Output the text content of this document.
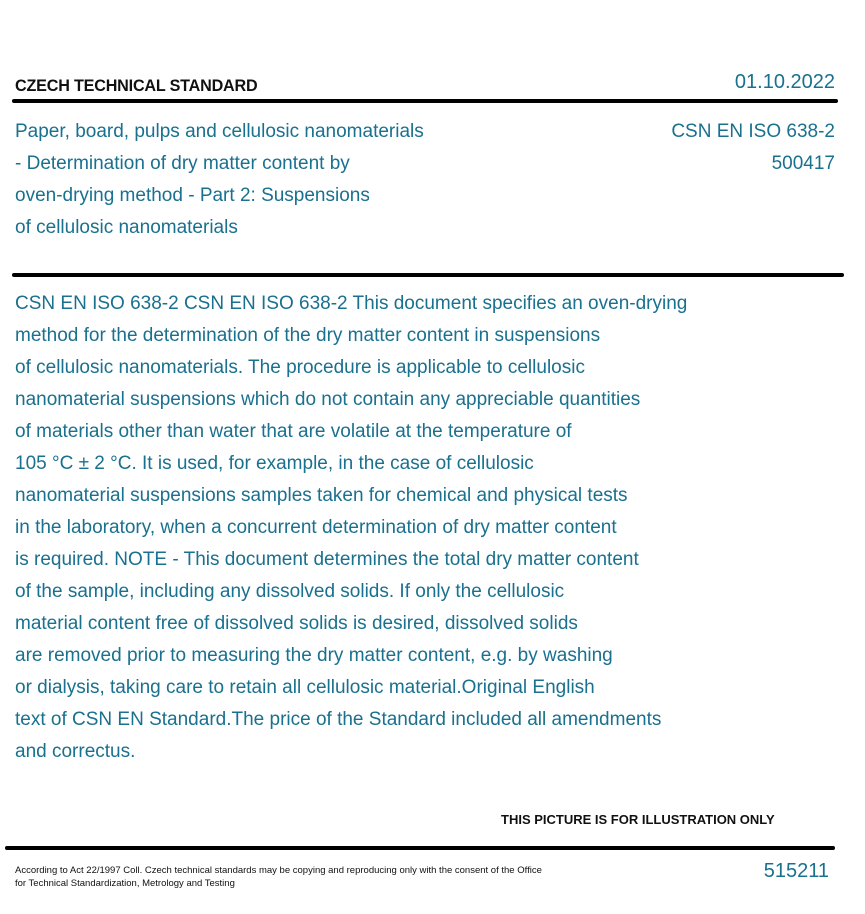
CZECH TECHNICAL STANDARD	01.10.2022
Paper, board, pulps and cellulosic nanomaterials
- Determination of dry matter content by
oven-drying method - Part 2: Suspensions
of cellulosic nanomaterials
CSN EN ISO 638-2
500417
CSN EN ISO 638-2 CSN EN ISO 638-2 This document specifies an oven-drying
method for the determination of the dry matter content in suspensions
of cellulosic nanomaterials. The procedure is applicable to cellulosic
nanomaterial suspensions which do not contain any appreciable quantities
of materials other than water that are volatile at the temperature of
105 °C ± 2 °C. It is used, for example, in the case of cellulosic
nanomaterial suspensions samples taken for chemical and physical tests
in the laboratory, when a concurrent determination of dry matter content
is required. NOTE - This document determines the total dry matter content
of the sample, including any dissolved solids. If only the cellulosic
material content free of dissolved solids is desired, dissolved solids
are removed prior to measuring the dry matter content, e.g. by washing
or dialysis, taking care to retain all cellulosic material.Original English
text of CSN EN Standard.The price of the Standard included all amendments
and correctus.
THIS PICTURE IS FOR ILLUSTRATION ONLY
According to Act 22/1997 Coll. Czech technical standards may be copying and reproducing only with the consent of the Office
for Technical Standardization, Metrology and Testing
515211
